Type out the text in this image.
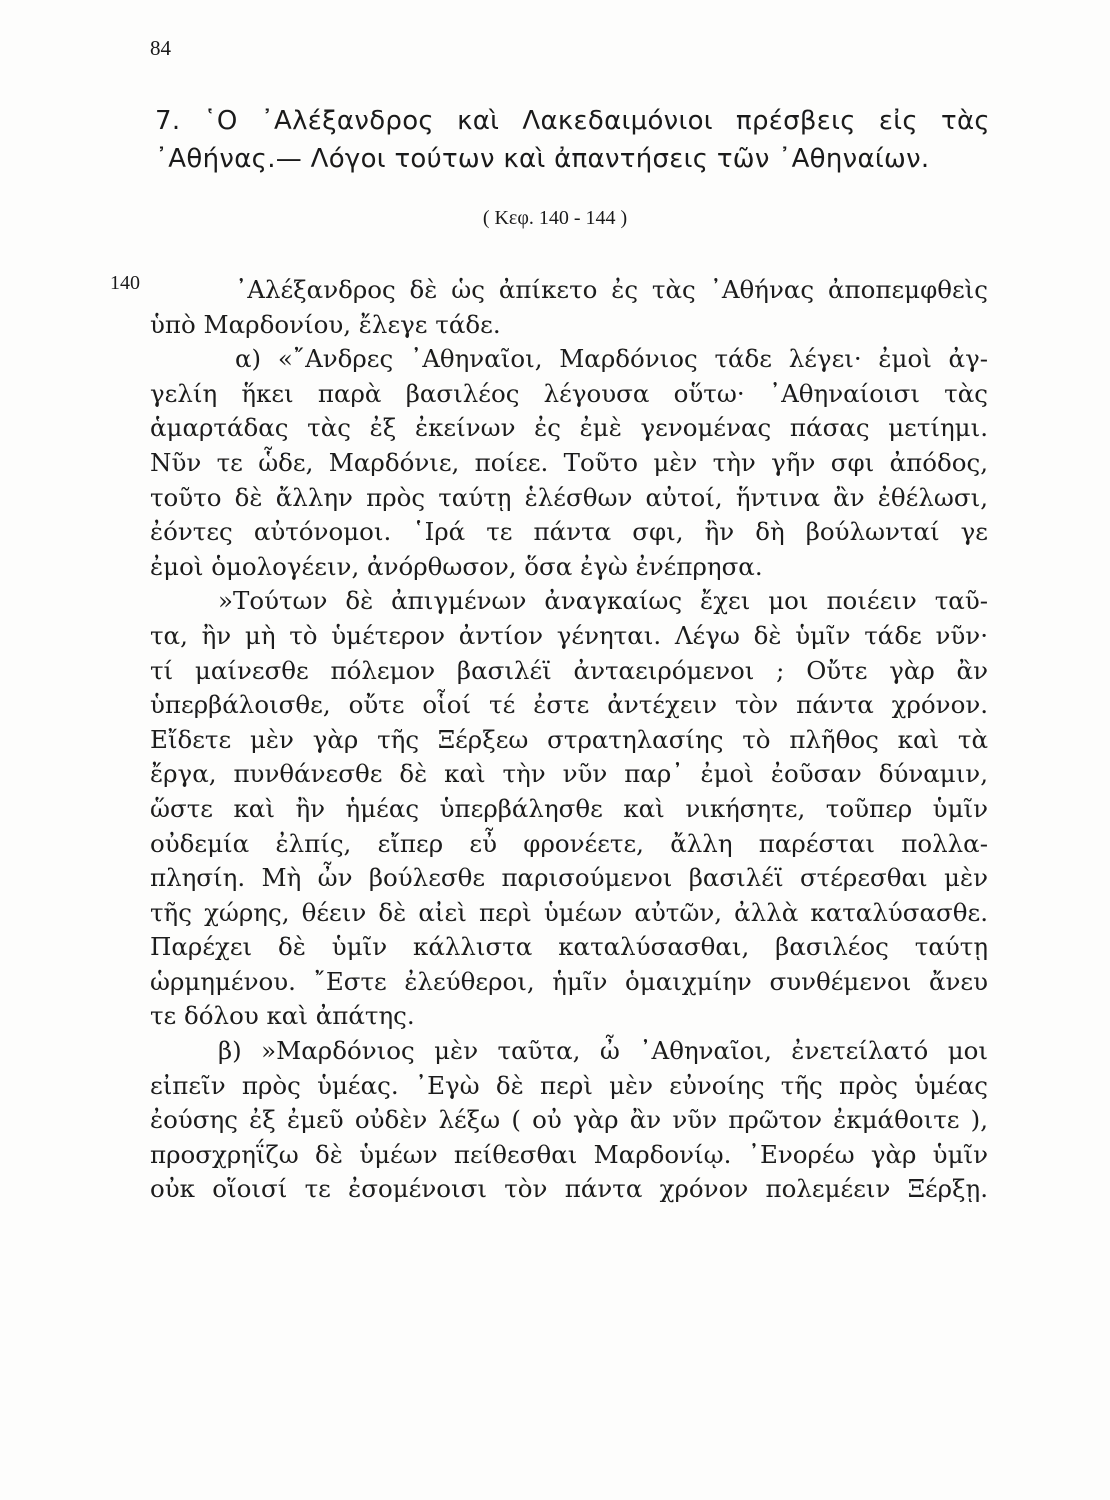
84
7. ῾Ο ᾿Αλέξανδρος καὶ Λακεδαιμόνιοι πρέσβεις εἰς τὰς
᾿Αθήνας.— Λόγοι τούτων καὶ ἀπαντήσεις τῶν ᾿Αθηναίων.
( Κεφ. 140 - 144 )
140	᾿Αλέξανδρος δὲ ὡς ἀπίκετο ἐς τὰς ᾿Αθήνας ἀποπεμφθεὶς
ὑπὸ Μαρδονίου, ἔλεγε τάδε.
α) «῎Ανδρες ᾿Αθηναῖοι, Μαρδόνιος τάδε λέγει· ἐμοὶ ἀγ-
γελίη ἥκει παρὰ βασιλέος λέγουσα οὕτω· ᾿Αθηναίοισι τὰς
ἁμαρτάδας τὰς ἐξ ἐκείνων ἐς ἐμὲ γενομένας πάσας μετίημι.
Νῦν τε ὧδε, Μαρδόνιε, ποίεε. Τοῦτο μὲν τὴν γῆν σφι ἀπόδος,
τοῦτο δὲ ἄλλην πρὸς ταύτῃ ἑλέσθων αὐτοί, ἥντινα ἂν ἐθέλωσι,
ἐόντες αὐτόνομοι. ῾Ιρά τε πάντα σφι, ἢν δὴ βούλωνταί γε
ἐμοὶ ὁμολογέειν, ἀνόρθωσον, ὅσα ἐγὼ ἐνέπρησα.
»Τούτων δὲ ἀπιγμένων ἀναγκαίως ἔχει μοι ποιέειν ταῦ-
τα, ἢν μὴ τὸ ὑμέτερον ἀντίον γένηται. Λέγω δὲ ὑμῖν τάδε νῦν·
τί μαίνεσθε πόλεμον βασιλέϊ ἀνταειρόμενοι ; Οὔτε γὰρ ἂν
ὑπερβάλοισθε, οὔτε οἷοί τέ ἐστε ἀντέχειν τὸν πάντα χρόνον.
Εἴδετε μὲν γὰρ τῆς Ξέρξεω στρατηλασίης τὸ πλῆθος καὶ τὰ
ἔργα, πυνθάνεσθε δὲ καὶ τὴν νῦν παρ᾿ ἐμοὶ ἐοῦσαν δύναμιν,
ὥστε καὶ ἢν ἡμέας ὑπερβάλησθε καὶ νικήσητε, τοῦπερ ὑμῖν
οὐδεμία ἐλπίς, εἴπερ εὖ φρονέετε, ἄλλη παρέσται πολλα-
πλησίη. Μὴ ὦν βούλεσθε παρισούμενοι βασιλέϊ στέρεσθαι μὲν
τῆς χώρης, θέειν δὲ αἰεὶ περὶ ὑμέων αὐτῶν, ἀλλὰ καταλύσασθε.
Παρέχει δὲ ὑμῖν κάλλιστα καταλύσασθαι, βασιλέος ταύτῃ
ὡρμημένου. ῎Εστε ἐλεύθεροι, ἡμῖν ὁμαιχμίην συνθέμενοι ἄνευ
τε δόλου καὶ ἀπάτης.
β) »Μαρδόνιος μὲν ταῦτα, ὦ ᾿Αθηναῖοι, ἐνετείλατό μοι
εἰπεῖν πρὸς ὑμέας. ᾿Εγὼ δὲ περὶ μὲν εὐνοίης τῆς πρὸς ὑμέας
ἐούσης ἐξ ἐμεῦ οὐδὲν λέξω ( οὐ γὰρ ἂν νῦν πρῶτον ἐκμάθοιτε ),
προσχρηΐζω δὲ ὑμέων πείθεσθαι Μαρδονίῳ. ᾿Ενορέω γὰρ ὑμῖν
οὐκ οἵοισί τε ἐσομένοισι τὸν πάντα χρόνον πολεμέειν Ξέρξῃ.
